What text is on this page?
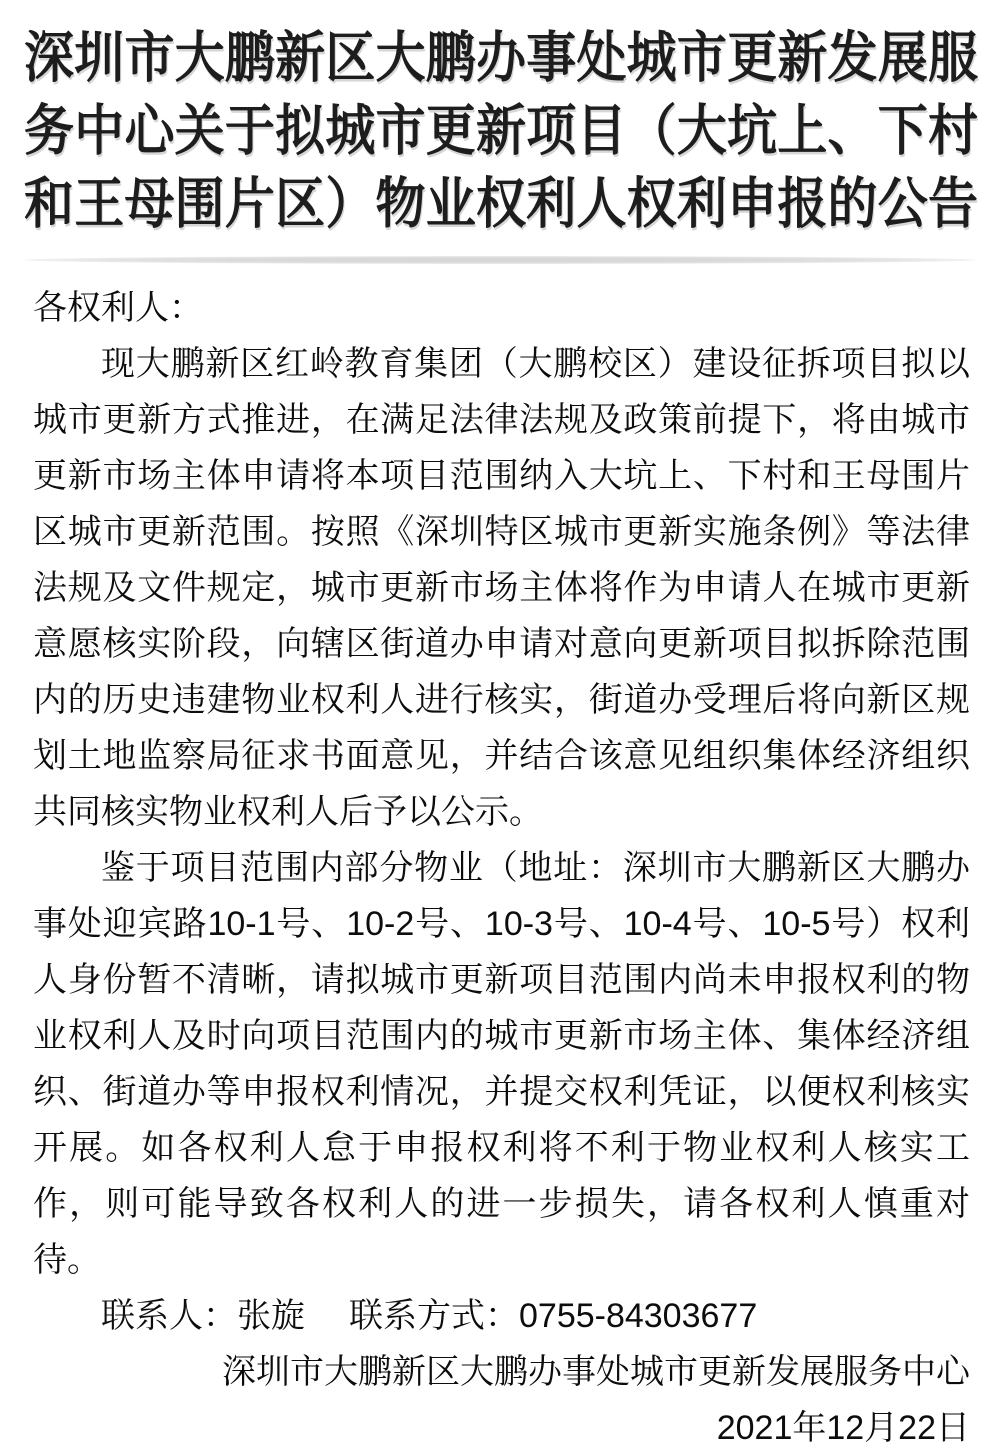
深圳市大鹏新区大鹏办事处城市更新发展服
务中心关于拟城市更新项目（大坑上、下村
和王母围片区）物业权利人权利申报的公告

各权利人：

现大鹏新区红岭教育集团（大鹏校区）建设征拆项目拟以城市更新方式推进，在满足法律法规及政策前提下，将由城市更新市场主体申请将本项目范围纳入大坑上、下村和王母围片区城市更新范围。按照《深圳特区城市更新实施条例》等法律法规及文件规定，城市更新市场主体将作为申请人在城市更新意愿核实阶段，向辖区街道办申请对意向更新项目拟拆除范围内的历史违建物业权利人进行核实，街道办受理后将向新区规划土地监察局征求书面意见，并结合该意见组织集体经济组织共同核实物业权利人后予以公示。

鉴于项目范围内部分物业（地址：深圳市大鹏新区大鹏办事处迎宾路10-1号、10-2号、10-3号、10-4号、10-5号）权利人身份暂不清晰，请拟城市更新项目范围内尚未申报权利的物业权利人及时向项目范围内的城市更新市场主体、集体经济组织、街道办等申报权利情况，并提交权利凭证，以便权利核实开展。如各权利人怠于申报权利将不利于物业权利人核实工作，则可能导致各权利人的进一步损失，请各权利人慎重对待。

联系人：张旋 联系方式：0755-84303677

深圳市大鹏新区大鹏办事处城市更新发展服务中心

2021年12月22日
